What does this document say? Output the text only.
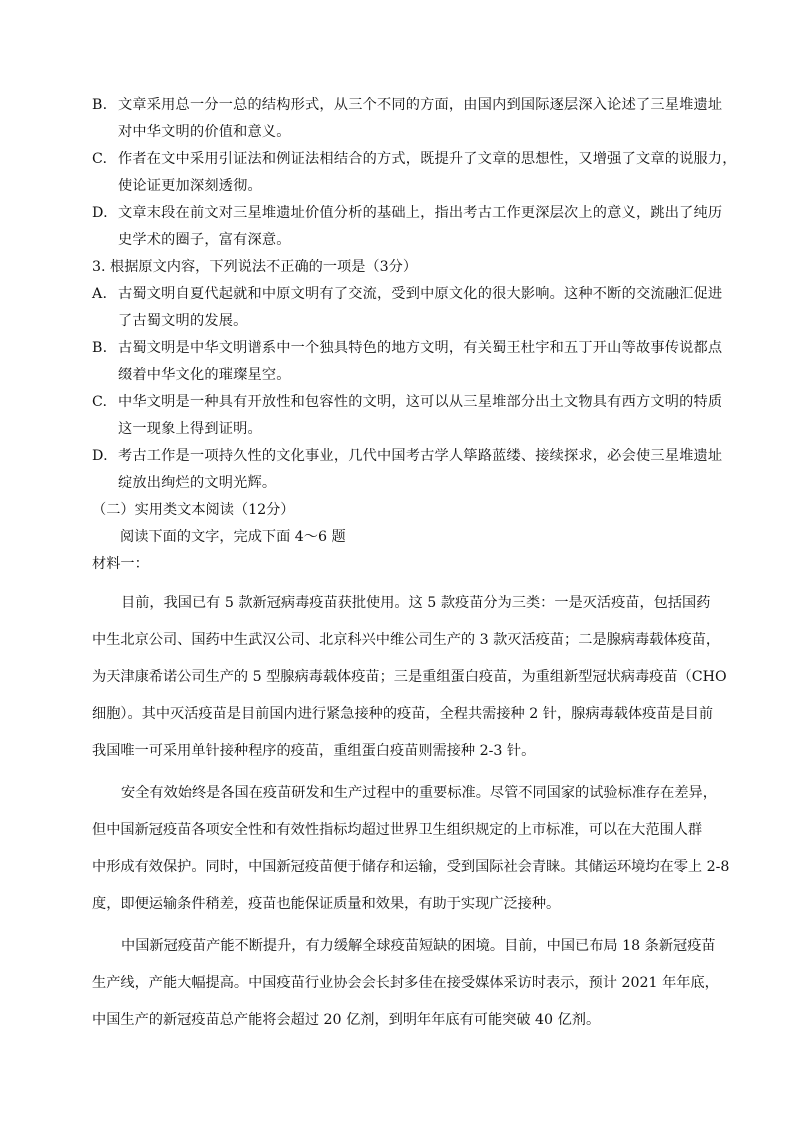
B. 文章采用总一分一总的结构形式，从三个不同的方面，由国内到国际逐层深入论述了三星堆遗址
对中华文明的价值和意义。
C. 作者在文中采用引证法和例证法相结合的方式，既提升了文章的思想性，又增强了文章的说服力，
使论证更加深刻透彻。
D. 文章末段在前文对三星堆遗址价值分析的基础上，指出考古工作更深层次上的意义，跳出了纯历
史学术的圈子，富有深意。
3. 根据原文内容，下列说法不正确的一项是（3分）
A. 古蜀文明自夏代起就和中原文明有了交流，受到中原文化的很大影响。这种不断的交流融汇促进
了古蜀文明的发展。
B. 古蜀文明是中华文明谱系中一个独具特色的地方文明，有关蜀王杜宇和五丁开山等故事传说都点
缀着中华文化的璀璨星空。
C. 中华文明是一种具有开放性和包容性的文明，这可以从三星堆部分出土文物具有西方文明的特质
这一现象上得到证明。
D. 考古工作是一项持久性的文化事业，几代中国考古学人筚路蓝缕、接续探求，必会使三星堆遗址
绽放出绚烂的文明光辉。
（二）实用类文本阅读（12分）
阅读下面的文字，完成下面 4～6 题
材料一：
目前，我国已有 5 款新冠病毒疫苗获批使用。这 5 款疫苗分为三类：一是灭活疫苗，包括国药
中生北京公司、国药中生武汉公司、北京科兴中维公司生产的 3 款灭活疫苗；二是腺病毒载体疫苗，
为天津康希诺公司生产的 5 型腺病毒载体疫苗；三是重组蛋白疫苗，为重组新型冠状病毒疫苗（CHO
细胞）。其中灭活疫苗是目前国内进行紧急接种的疫苗，全程共需接种 2 针，腺病毒载体疫苗是目前
我国唯一可采用单针接种程序的疫苗，重组蛋白疫苗则需接种 2-3 针。
安全有效始终是各国在疫苗研发和生产过程中的重要标准。尽管不同国家的试验标准存在差异，
但中国新冠疫苗各项安全性和有效性指标均超过世界卫生组织规定的上市标准，可以在大范围人群
中形成有效保护。同时，中国新冠疫苗便于储存和运输，受到国际社会青睐。其储运环境均在零上 2-8
度，即便运输条件稍差，疫苗也能保证质量和效果，有助于实现广泛接种。
中国新冠疫苗产能不断提升，有力缓解全球疫苗短缺的困境。目前，中国已布局 18 条新冠疫苗
生产线，产能大幅提高。中国疫苗行业协会会长封多佳在接受媒体采访时表示，预计 2021 年年底，
中国生产的新冠疫苗总产能将会超过 20 亿剂，到明年年底有可能突破 40 亿剂。
